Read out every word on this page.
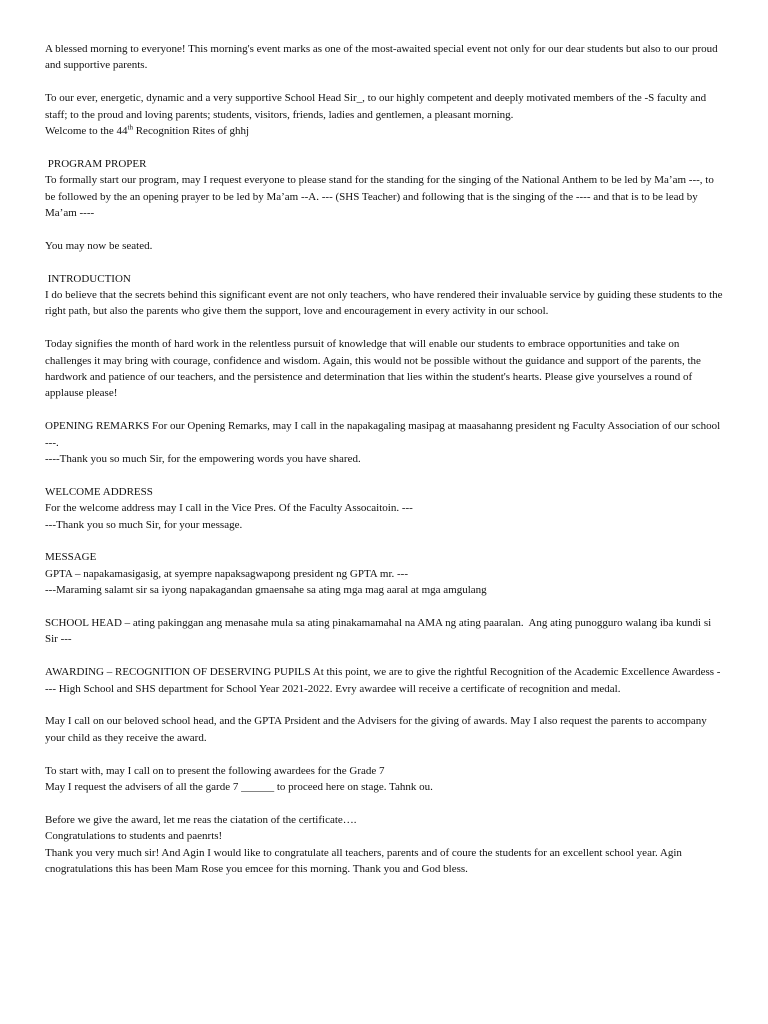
A blessed morning to everyone! This morning's event marks as one of the most-awaited special event not only for our dear students but also to our proud and supportive parents.

To our ever, energetic, dynamic and a very supportive School Head Sir_, to our highly competent and deeply motivated members of the -S faculty and staff; to the proud and loving parents; students, visitors, friends, ladies and gentlemen, a pleasant morning.
Welcome to the 44th Recognition Rites of ghhj

PROGRAM PROPER
To formally start our program, may I request everyone to please stand for the standing for the singing of the National Anthem to be led by Ma’am ---, to be followed by the an opening prayer to be led by Ma’am --A. --- (SHS Teacher) and following that is the singing of the ---- and that is to be lead by Ma’am ----

You may now be seated.

INTRODUCTION
I do believe that the secrets behind this significant event are not only teachers, who have rendered their invaluable service by guiding these students to the right path, but also the parents who give them the support, love and encouragement in every activity in our school.

Today signifies the month of hard work in the relentless pursuit of knowledge that will enable our students to embrace opportunities and take on challenges it may bring with courage, confidence and wisdom. Again, this would not be possible without the guidance and support of the parents, the hardwork and patience of our teachers, and the persistence and determination that lies within the student's hearts. Please give yourselves a round of applause please!

OPENING REMARKS For our Opening Remarks, may I call in the napakagaling masipag at maasahanng president ng Faculty Association of our school ---.
----Thank you so much Sir, for the empowering words you have shared.

WELCOME ADDRESS
For the welcome address may I call in the Vice Pres. Of the Faculty Assocaitoin. ---
---Thank you so much Sir, for your message.

MESSAGE
GPTA – napakamasigasig, at syempre napaksagwapong president ng GPTA mr. ---
---Maraming salamt sir sa iyong napakagandan gmaensahe sa ating mga mag aaral at mga amgulang

SCHOOL HEAD – ating pakinggan ang menasahe mula sa ating pinakamamahal na AMA ng ating paaralan.  Ang ating punogguro walang iba kundi si Sir ---

AWARDING – RECOGNITION OF DESERVING PUPILS At this point, we are to give the rightful Recognition of the Academic Excellence Awardess ---- High School and SHS department for School Year 2021-2022. Evry awardee will receive a certificate of recognition and medal.

May I call on our beloved school head, and the GPTA Prsident and the Advisers for the giving of awards. May I also request the parents to accompany your child as they receive the award.

To start with, may I call on to present the following awardees for the Grade 7
May I request the advisers of all the garde 7 ______ to proceed here on stage. Tahnk ou.

Before we give the award, let me reas the ciatation of the certificate….
Congratulations to students and paenrts!
Thank you very much sir! And Agin I would like to congratulate all teachers, parents and of coure the students for an excellent school year. Agin cnogratulations this has been Mam Rose you emcee for this morning. Thank you and God bless.
